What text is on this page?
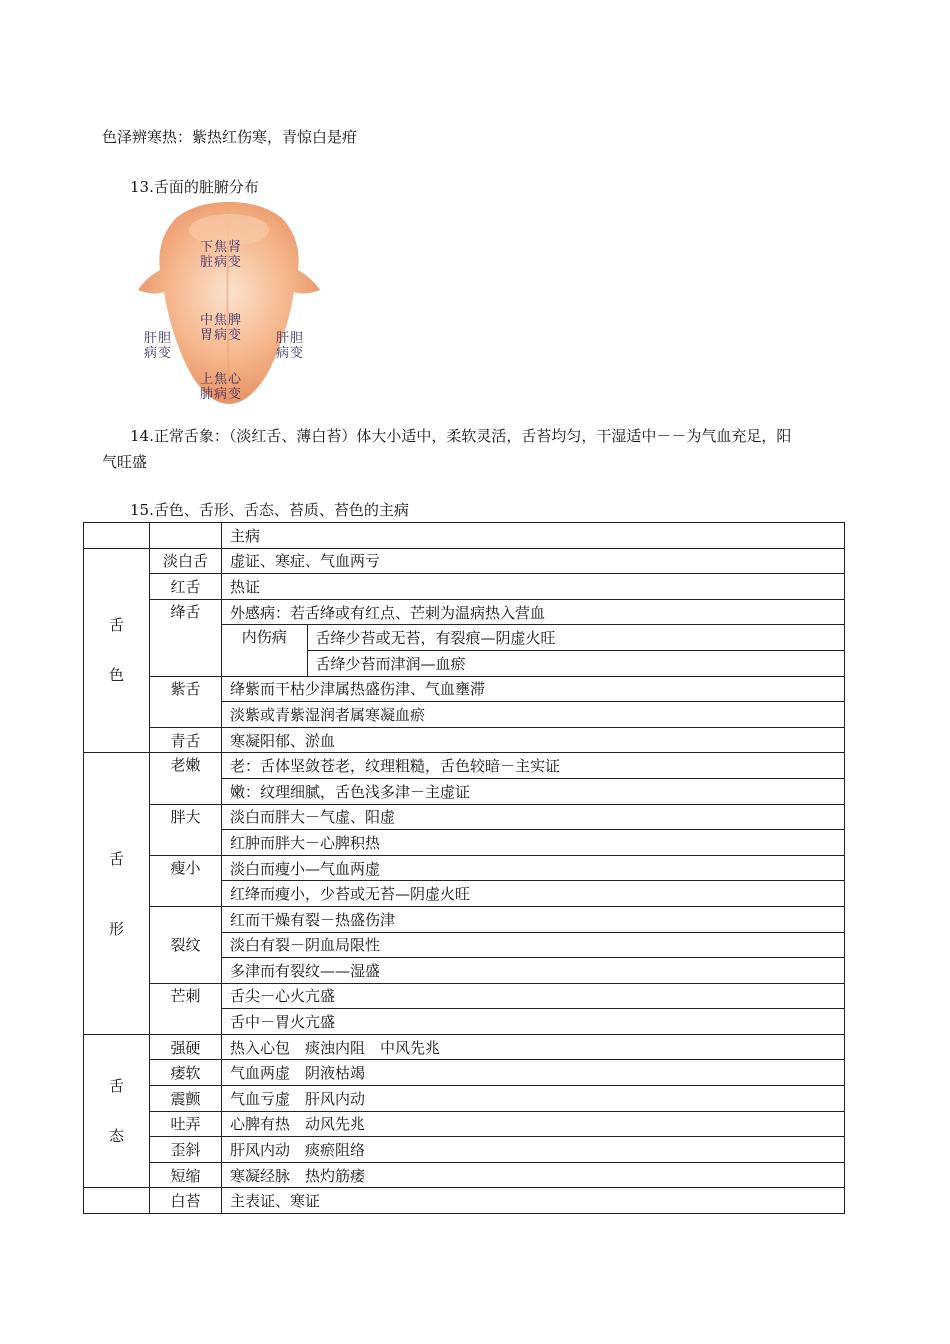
色泽辨寒热：紫热红伤寒，青惊白是疳
13.舌面的脏腑分布
下焦肾
脏病变
中焦脾
胃病变
肝胆
病变
肝胆
病变
上焦心
肺病变
14.正常舌象：（淡红舌、薄白苔）体大小适中，柔软灵活，舌苔均匀，干湿适中－－为气血充足，阳
气旺盛
15.舌色、舌形、舌态、苔质、苔色的主病
		主病

舌
色
	淡白舌	虚证、寒症、气血两亏
红舌	热证
绛舌	外感病：若舌绛或有红点、芒刺为温病热入营血

内伤病	舌绛少苔或无苔，有裂痕—阴虚火旺
舌绛少苔而津润—血瘀

紫舌	绛紫而干枯少津属热盛伤津、气血壅滞
淡紫或青紫湿润者属寒凝血瘀
青舌	寒凝阳郁、淤血

舌
形
	老嫩	老：舌体坚敛苍老，纹理粗糙，舌色较暗－主实证
嫩：纹理细腻，舌色浅多津－主虚证
胖大	淡白而胖大－气虚、阳虚
红肿而胖大－心脾积热
瘦小	淡白而瘦小—气血两虚
红绛而瘦小，少苔或无苔—阴虚火旺
裂纹	红而干燥有裂－热盛伤津
淡白有裂－阴血局限性
多津而有裂纹——湿盛
芒刺	舌尖－心火亢盛
舌中－胃火亢盛

舌
态
	强硬	热入心包　痰浊内阻　中风先兆
痿软	气血两虚　阴液枯竭
震颤	气血亏虚　肝风内动
吐弄	心脾有热　动风先兆
歪斜	肝风内动　痰瘀阻络
短缩	寒凝经脉　热灼筋痿
	白苔	主表证、寒证
